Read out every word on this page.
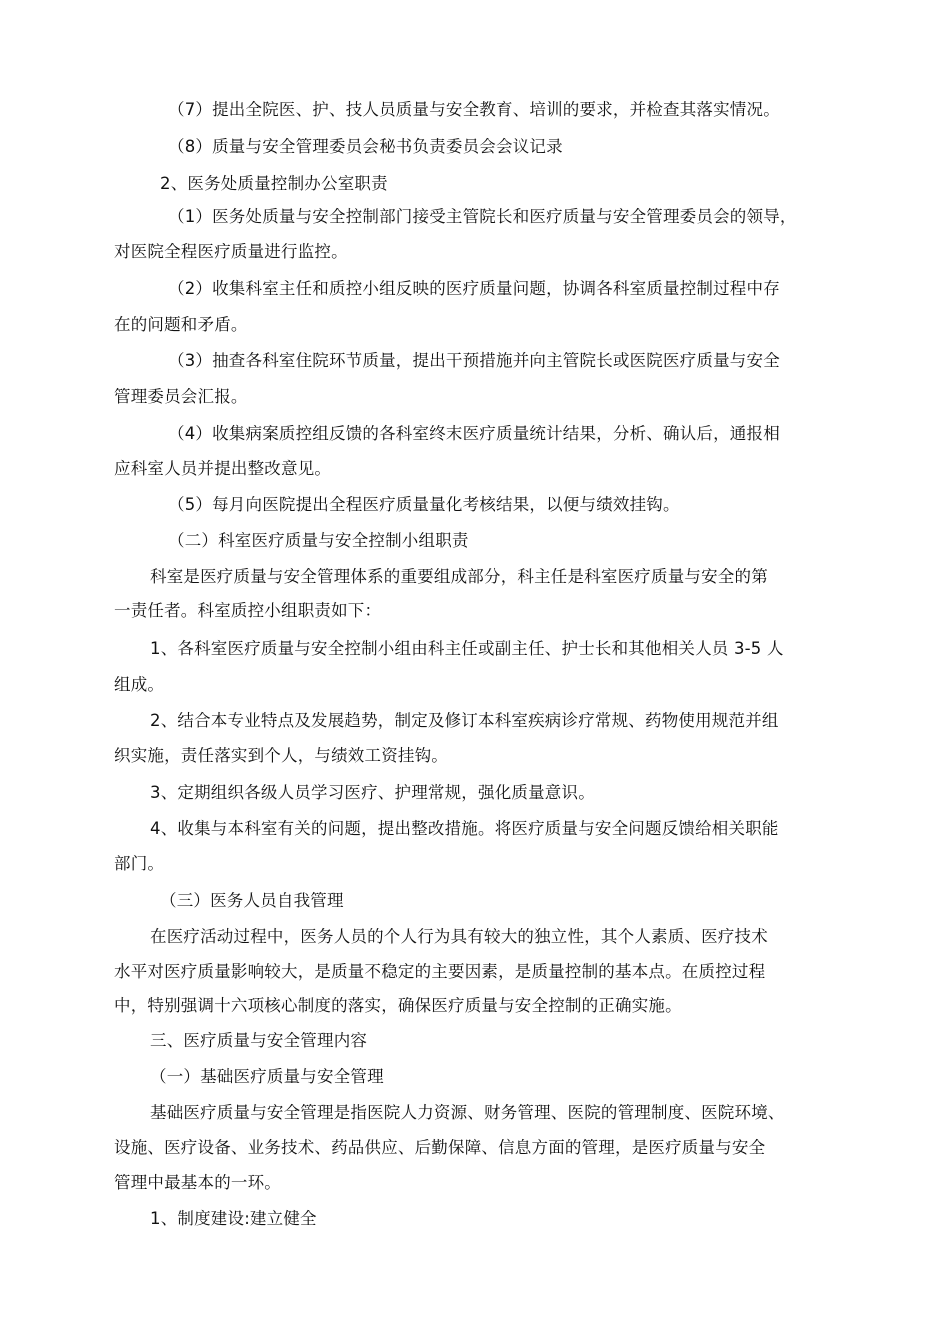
（7）提出全院医、护、技人员质量与安全教育、培训的要求，并检查其落实情况。
（8）质量与安全管理委员会秘书负责委员会会议记录
2、医务处质量控制办公室职责
（1）医务处质量与安全控制部门接受主管院长和医疗质量与安全管理委员会的领导，
对医院全程医疗质量进行监控。
（2）收集科室主任和质控小组反映的医疗质量问题，协调各科室质量控制过程中存
在的问题和矛盾。
（3）抽查各科室住院环节质量，提出干预措施并向主管院长或医院医疗质量与安全
管理委员会汇报。
（4）收集病案质控组反馈的各科室终末医疗质量统计结果，分析、确认后，通报相
应科室人员并提出整改意见。
（5）每月向医院提出全程医疗质量量化考核结果，以便与绩效挂钩。
（二）科室医疗质量与安全控制小组职责
科室是医疗质量与安全管理体系的重要组成部分，科主任是科室医疗质量与安全的第
一责任者。科室质控小组职责如下：
1、各科室医疗质量与安全控制小组由科主任或副主任、护士长和其他相关人员 3-5 人
组成。
2、结合本专业特点及发展趋势，制定及修订本科室疾病诊疗常规、药物使用规范并组
织实施，责任落实到个人，与绩效工资挂钩。
3、定期组织各级人员学习医疗、护理常规，强化质量意识。
4、收集与本科室有关的问题，提出整改措施。将医疗质量与安全问题反馈给相关职能
部门。
（三）医务人员自我管理
在医疗活动过程中，医务人员的个人行为具有较大的独立性，其个人素质、医疗技术
水平对医疗质量影响较大，是质量不稳定的主要因素，是质量控制的基本点。在质控过程
中，特别强调十六项核心制度的落实，确保医疗质量与安全控制的正确实施。
三、医疗质量与安全管理内容
（一）基础医疗质量与安全管理
基础医疗质量与安全管理是指医院人力资源、财务管理、医院的管理制度、医院环境、
设施、医疗设备、业务技术、药品供应、后勤保障、信息方面的管理，是医疗质量与安全
管理中最基本的一环。
1、制度建设:建立健全
